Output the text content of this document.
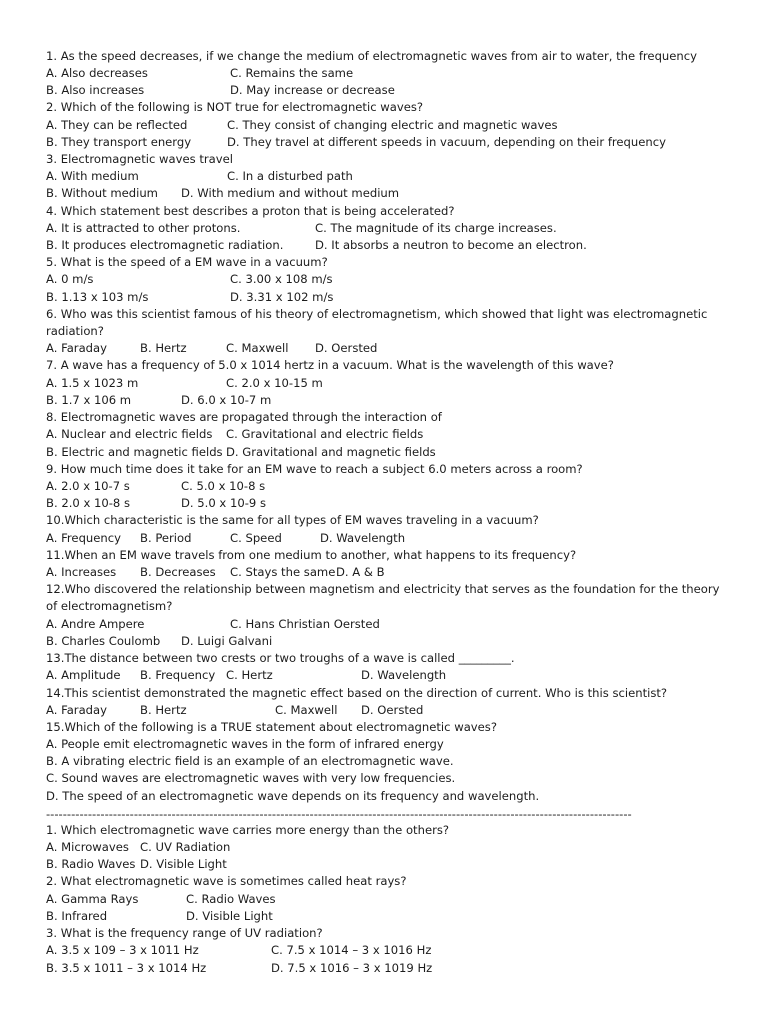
1. As the speed decreases, if we change the medium of electromagnetic waves from air to water, the frequency
A. Also decreases	C. Remains the same
B. Also increases	D. May increase or decrease
2. Which of the following is NOT true for electromagnetic waves?
A. They can be reflected	C. They consist of changing electric and magnetic waves
B. They transport energy	D. They travel at different speeds in vacuum, depending on their frequency
3. Electromagnetic waves travel
A. With medium	C. In a disturbed path
B. Without medium D. With medium and without medium
4. Which statement best describes a proton that is being accelerated?
A. It is attracted to other protons.	C. The magnitude of its charge increases.
B. It produces electromagnetic radiation.	D. It absorbs a neutron to become an electron.
5. What is the speed of a EM wave in a vacuum?
A. 0 m/s	C. 3.00 x 108 m/s
B. 1.13 x 103 m/s	D. 3.31 x 102 m/s
6. Who was this scientist famous of his theory of electromagnetism, which showed that light was electromagnetic
radiation?
A. Faraday	B. Hertz	C. Maxwell D. Oersted
7. A wave has a frequency of 5.0 x 1014 hertz in a vacuum. What is the wavelength of this wave?
A. 1.5 x 1023 m	C. 2.0 x 10-15 m
B. 1.7 x 106 m	D. 6.0 x 10-7 m
8. Electromagnetic waves are propagated through the interaction of
A. Nuclear and electric fields C. Gravitational and electric fields
B. Electric and magnetic fields D. Gravitational and magnetic fields
9. How much time does it take for an EM wave to reach a subject 6.0 meters across a room?
A. 2.0 x 10-7 s	C. 5.0 x 10-8 s
B. 2.0 x 10-8 s	D. 5.0 x 10-9 s
10.Which characteristic is the same for all types of EM waves traveling in a vacuum?
A. Frequency B. Period	C. Speed	D. Wavelength
11.When an EM wave travels from one medium to another, what happens to its frequency?
A. Increases B. Decreases C. Stays the same D. A & B
12.Who discovered the relationship between magnetism and electricity that serves as the foundation for the theory
of electromagnetism?
A. Andre Ampere	C. Hans Christian Oersted
B. Charles Coulomb D. Luigi Galvani
13.The distance between two crests or two troughs of a wave is called _________.
A. Amplitude B. Frequency C. Hertz	D. Wavelength
14.This scientist demonstrated the magnetic effect based on the direction of current. Who is this scientist?
A. Faraday	B. Hertz	C. Maxwell D. Oersted
15.Which of the following is a TRUE statement about electromagnetic waves?
A. People emit electromagnetic waves in the form of infrared energy
B. A vibrating electric field is an example of an electromagnetic wave.
C. Sound waves are electromagnetic waves with very low frequencies.
D. The speed of an electromagnetic wave depends on its frequency and wavelength.
--------------------------------------------------------------------------------------------------------------------------------------------
1. Which electromagnetic wave carries more energy than the others?
A. Microwaves C. UV Radiation
B. Radio Waves D. Visible Light
2. What electromagnetic wave is sometimes called heat rays?
A. Gamma Rays	C. Radio Waves
B. Infrared	D. Visible Light
3. What is the frequency range of UV radiation?
A. 3.5 x 109 – 3 x 1011 Hz	C. 7.5 x 1014 – 3 x 1016 Hz
B. 3.5 x 1011 – 3 x 1014 Hz	D. 7.5 x 1016 – 3 x 1019 Hz
